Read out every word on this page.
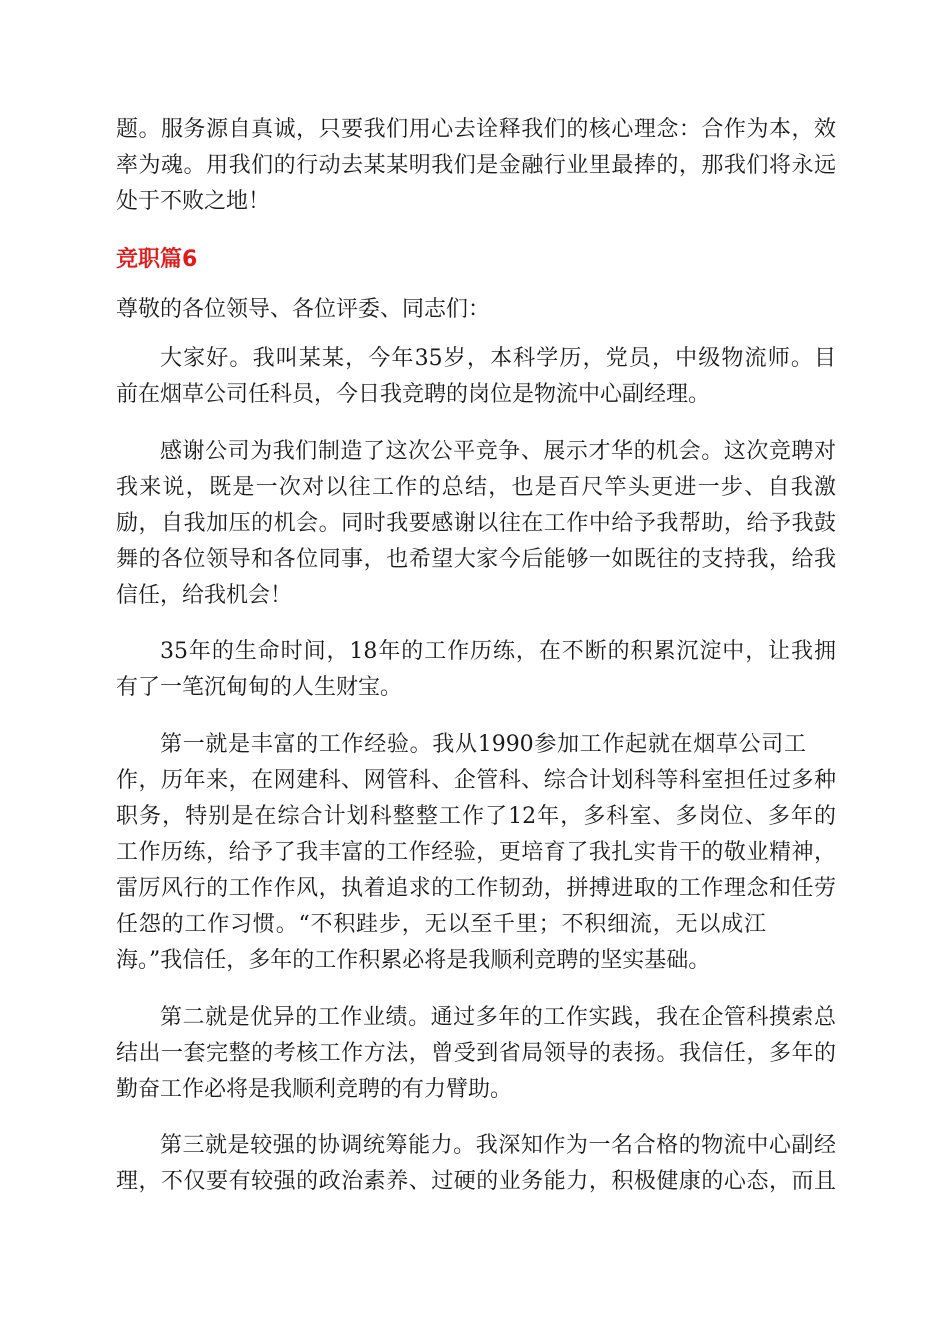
题。服务源自真诚，只要我们用心去诠释我们的核心理念：合作为本，效
率为魂。用我们的行动去某某明我们是金融行业里最捧的，那我们将永远
处于不败之地！
竞职篇6
尊敬的各位领导、各位评委、同志们：
大家好。我叫某某，今年35岁，本科学历，党员，中级物流师。目
前在烟草公司任科员，今日我竞聘的岗位是物流中心副经理。
感谢公司为我们制造了这次公平竞争、展示才华的机会。这次竞聘对
我来说，既是一次对以往工作的总结，也是百尺竿头更进一步、自我激
励，自我加压的机会。同时我要感谢以往在工作中给予我帮助，给予我鼓
舞的各位领导和各位同事，也希望大家今后能够一如既往的支持我，给我
信任，给我机会！
35年的生命时间，18年的工作历练，在不断的积累沉淀中，让我拥
有了一笔沉甸甸的人生财宝。
第一就是丰富的工作经验。我从1990参加工作起就在烟草公司工
作，历年来，在网建科、网管科、企管科、综合计划科等科室担任过多种
职务，特别是在综合计划科整整工作了12年，多科室、多岗位、多年的
工作历练，给予了我丰富的工作经验，更培育了我扎实肯干的敬业精神，
雷厉风行的工作作风，执着追求的工作韧劲，拼搏进取的工作理念和任劳
任怨的工作习惯。“不积跬步，无以至千里；不积细流，无以成江
海。”我信任，多年的工作积累必将是我顺利竞聘的坚实基础。
第二就是优异的工作业绩。通过多年的工作实践，我在企管科摸索总
结出一套完整的考核工作方法，曾受到省局领导的表扬。我信任，多年的
勤奋工作必将是我顺利竞聘的有力臂助。
第三就是较强的协调统筹能力。我深知作为一名合格的物流中心副经
理，不仅要有较强的政治素养、过硬的业务能力，积极健康的心态，而且
